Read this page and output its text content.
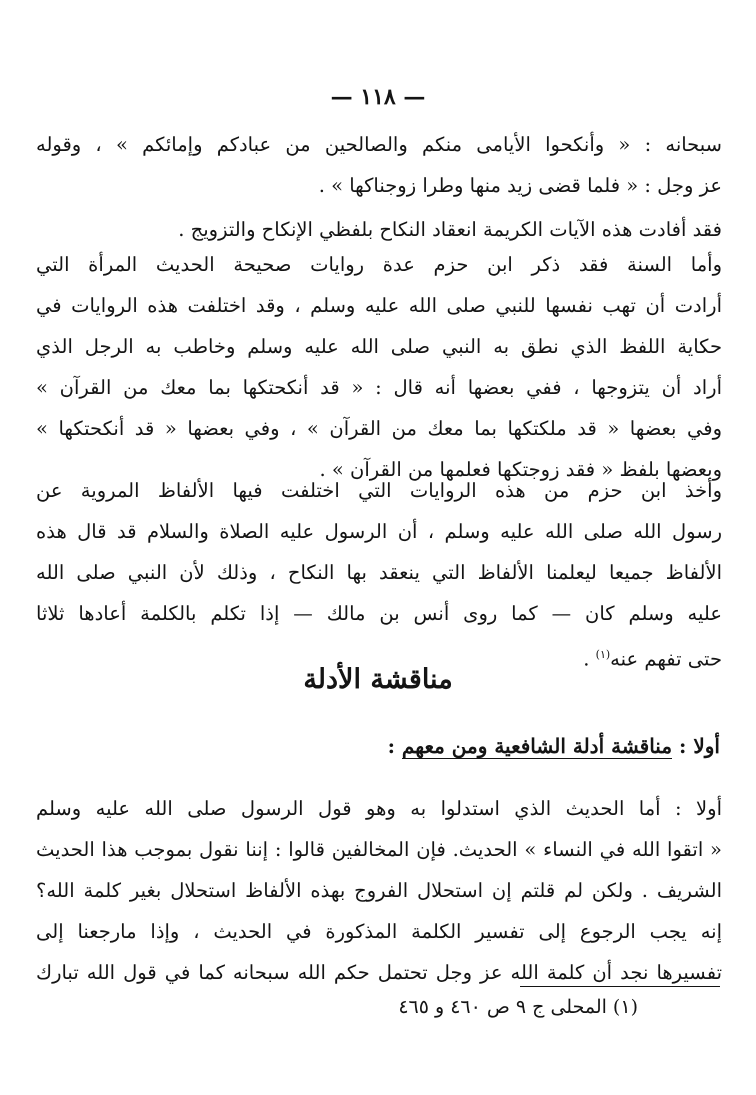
— ١١٨ —
سبحانه : « وأنكحوا الأيامى منكم والصالحين من عبادكم وإمائكم » ، وقوله
عز وجل : « فلما قضى زيد منها وطرا زوجناكها » .
فقد أفادت هذه الآيات الكريمة انعقاد النكاح بلفظي الإنكاح والتزويج .
وأما السنة فقد ذكر ابن حزم عدة روايات صحيحة الحديث المرأة التي
أرادت أن تهب نفسها للنبي صلى الله عليه وسلم ، وقد اختلفت هذه الروايات في
حكاية اللفظ الذي نطق به النبي صلى الله عليه وسلم وخاطب به الرجل الذي
أراد أن يتزوجها ، ففي بعضها أنه قال : « قد أنكحتكها بما معك من القرآن »
وفي بعضها « قد ملكتكها بما معك من القرآن » ، وفي بعضها « قد أنكحتكها »
وبعضها بلفظ « فقد زوجتكها فعلمها من القرآن » .
وأخذ ابن حزم من هذه الروايات التي اختلفت فيها الألفاظ المروية عن
رسول الله صلى الله عليه وسلم ، أن الرسول عليه الصلاة والسلام قد قال هذه
الألفاظ جميعا ليعلمنا الألفاظ التي ينعقد بها النكاح ، وذلك لأن النبي صلى الله
عليه وسلم كان — كما روى أنس بن مالك — إذا تكلم بالكلمة أعادها ثلاثا
حتى تفهم عنه$^{(١)}$ .
مناقشة الأدلة
أولا : مناقشة أدلة الشافعية ومن معهم :
أولا : أما الحديث الذي استدلوا به وهو قول الرسول صلى الله عليه وسلم
« اتقوا الله في النساء » الحديث. فإن المخالفين قالوا : إننا نقول بموجب هذا الحديث
الشريف . ولكن لم قلتم إن استحلال الفروج بهذه الألفاظ استحلال بغير كلمة الله؟
إنه يجب الرجوع إلى تفسير الكلمة المذكورة في الحديث ، وإذا مارجعنا إلى
تفسيرها نجد أن كلمة الله عز وجل تحتمل حكم الله سبحانه كما في قول الله تبارك
(١) المحلى ج ٩ ص ٤٦٠ و ٤٦٥
